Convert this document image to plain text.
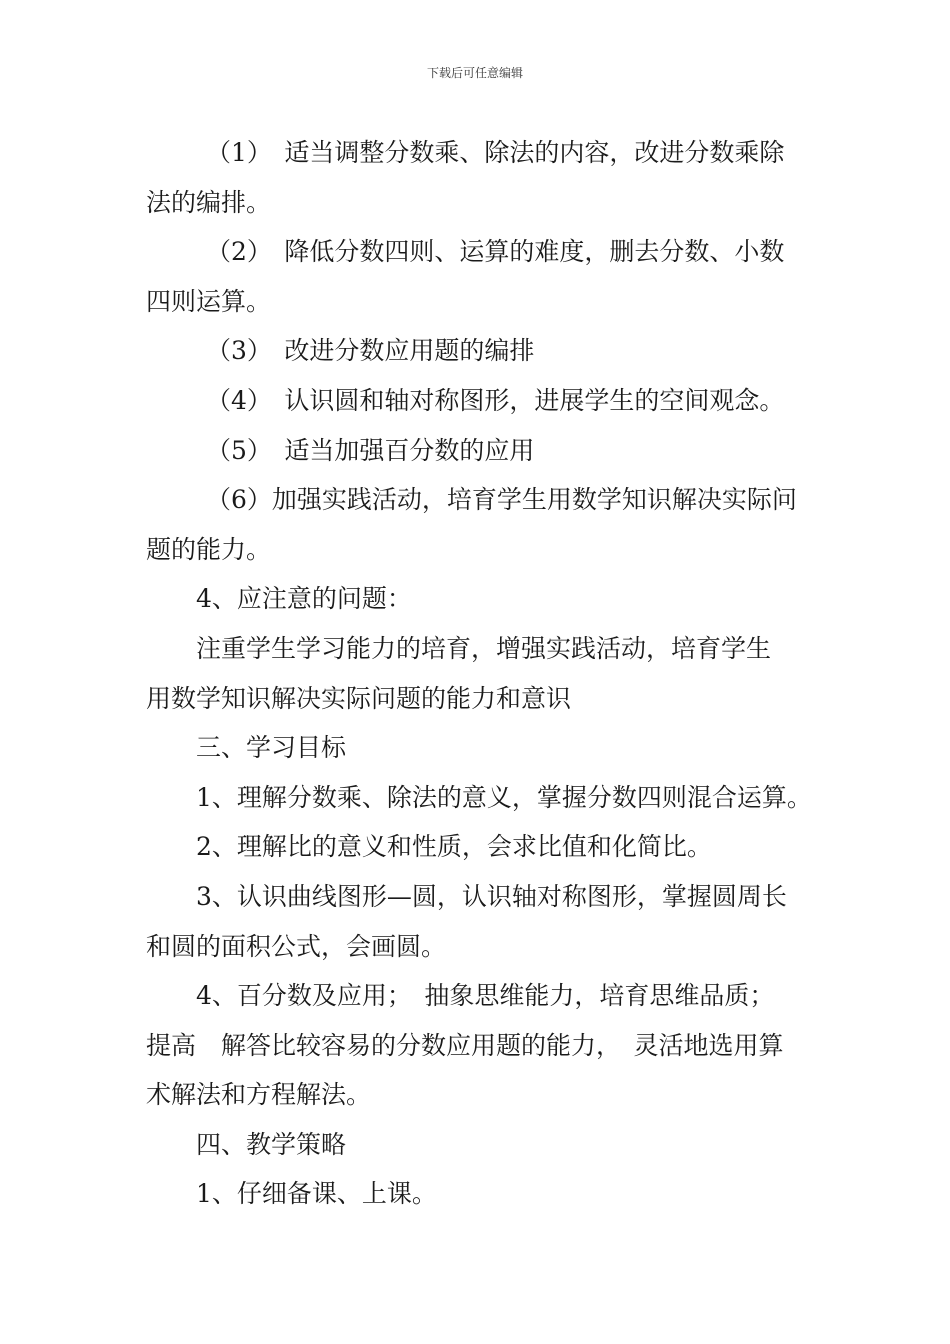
下载后可任意编辑

（1）　适当调整分数乘、除法的内容，改进分数乘除

法的编排。

（2）　降低分数四则、运算的难度，删去分数、小数

四则运算。

（3）　改进分数应用题的编排

（4）　认识圆和轴对称图形，进展学生的空间观念。

（5）　适当加强百分数的应用

（6）加强实践活动，培育学生用数学知识解决实际问

题的能力。

4、应注意的问题：

注重学生学习能力的培育，增强实践活动，培育学生

用数学知识解决实际问题的能力和意识

三、学习目标

1、理解分数乘、除法的意义，掌握分数四则混合运算。

2、理解比的意义和性质，会求比值和化简比。

3、认识曲线图形—圆，认识轴对称图形，掌握圆周长

和圆的面积公式，会画圆。

4、百分数及应用；　抽象思维能力，培育思维品质；

提高　解答比较容易的分数应用题的能力，　灵活地选用算

术解法和方程解法。

四、教学策略

1、仔细备课、上课。
